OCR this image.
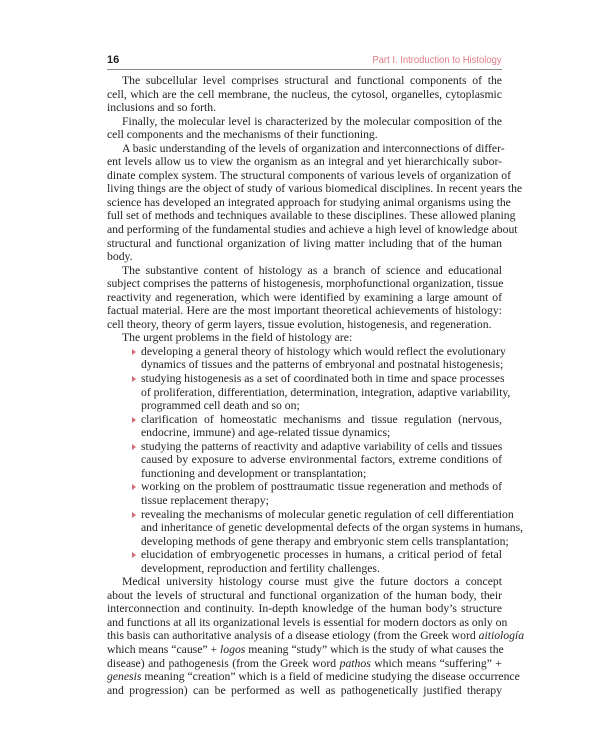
16	Part I. Introduction to Histology
The subcellular level comprises structural and functional components of the
cell, which are the cell membrane, the nucleus, the cytosol, organelles, cytoplasmic
inclusions and so forth.
Finally, the molecular level is characterized by the molecular composition of the
cell components and the mechanisms of their functioning.
A basic understanding of the levels of organization and interconnections of differ-
ent levels allow us to view the organism as an integral and yet hierarchically subor-
dinate complex system. The structural components of various levels of organization of
living things are the object of study of various biomedical disciplines. In recent years the
science has developed an integrated approach for studying animal organisms using the
full set of methods and techniques available to these disciplines. These allowed planing
and performing of the fundamental studies and achieve a high level of knowledge about
structural and functional organization of living matter including that of the human
body.
The substantive content of histology as a branch of science and educational
subject comprises the patterns of histogenesis, morphofunctional organization, tissue
reactivity and regeneration, which were identified by examining a large amount of
factual material. Here are the most important theoretical achievements of histology:
cell theory, theory of germ layers, tissue evolution, histogenesis, and regeneration.
The urgent problems in the field of histology are:
developing a general theory of histology which would reflect the evolutionary
dynamics of tissues and the patterns of embryonal and postnatal histogenesis;
studying histogenesis as a set of coordinated both in time and space processes
of proliferation, differentiation, determination, integration, adaptive variability,
programmed cell death and so on;
clarification of homeostatic mechanisms and tissue regulation (nervous,
endocrine, immune) and age-related tissue dynamics;
studying the patterns of reactivity and adaptive variability of cells and tissues
caused by exposure to adverse environmental factors, extreme conditions of
functioning and development or transplantation;
working on the problem of posttraumatic tissue regeneration and methods of
tissue replacement therapy;
revealing the mechanisms of molecular genetic regulation of cell differentiation
and inheritance of genetic developmental defects of the organ systems in humans,
developing methods of gene therapy and embryonic stem cells transplantation;
elucidation of embryogenetic processes in humans, a critical period of fetal
development, reproduction and fertility challenges.
Medical university histology course must give the future doctors a concept
about the levels of structural and functional organization of the human body, their
interconnection and continuity. In-depth knowledge of the human body’s structure
and functions at all its organizational levels is essential for modern doctors as only on
this basis can authoritative analysis of a disease etiology (from the Greek word aitiología
which means “cause” + logos meaning “study” which is the study of what causes the
disease) and pathogenesis (from the Greek word pathos which means “suffering” +
genesis meaning “creation” which is a field of medicine studying the disease occurrence
and progression) can be performed as well as pathogenetically justified therapy
